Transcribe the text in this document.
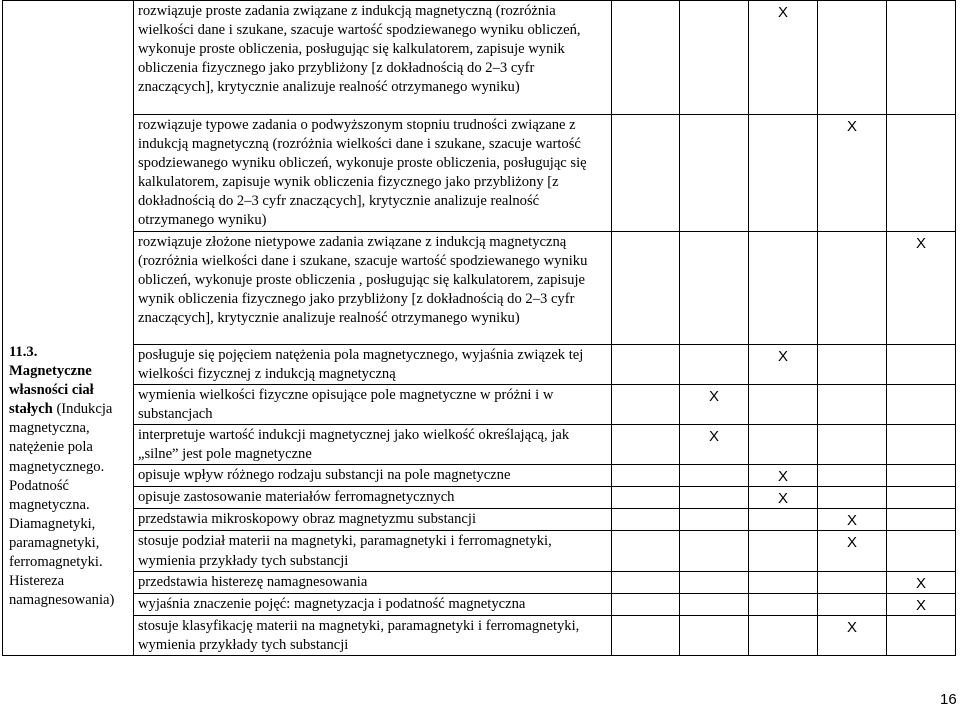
11.3.
Magnetyczne własności ciał stałych (Indukcja magnetyczna, natężenie pola magnetycznego. Podatność magnetyczna. Diamagnetyki, paramagnetyki, ferromagnetyki. Histereza namagnesowania)	rozwiązuje proste zadania związane z indukcją magnetyczną (rozróżnia wielkości dane i szukane, szacuje wartość spodziewanego wyniku obliczeń, wykonuje proste obliczenia, posługując się kalkulatorem, zapisuje wynik obliczenia fizycznego jako przybliżony [z dokładnością do 2–3 cyfr znaczących], krytycznie analizuje realność otrzymanego wyniku)			X		
	rozwiązuje typowe zadania o podwyższonym stopniu trudności związane z indukcją magnetyczną (rozróżnia wielkości dane i szukane, szacuje wartość spodziewanego wyniku obliczeń, wykonuje proste obliczenia, posługując się kalkulatorem, zapisuje wynik obliczenia fizycznego jako przybliżony [z dokładnością do 2–3 cyfr znaczących], krytycznie analizuje realność otrzymanego wyniku)				X	
	rozwiązuje złożone nietypowe zadania związane z indukcją magnetyczną (rozróżnia wielkości dane i szukane, szacuje wartość spodziewanego wyniku obliczeń, wykonuje proste obliczenia , posługując się kalkulatorem, zapisuje wynik obliczenia fizycznego jako przybliżony [z dokładnością do 2–3 cyfr znaczących], krytycznie analizuje realność otrzymanego wyniku)					X
	posługuje się pojęciem natężenia pola magnetycznego, wyjaśnia związek tej wielkości fizycznej z indukcją magnetyczną			X		
	wymienia wielkości fizyczne opisujące pole magnetyczne w próżni i w substancjach		X			
	interpretuje wartość indukcji magnetycznej jako wielkość określającą, jak „silne” jest pole magnetyczne		X			
	opisuje wpływ różnego rodzaju substancji na pole magnetyczne			X		
	opisuje zastosowanie materiałów ferromagnetycznych			X		
	przedstawia mikroskopowy obraz magnetyzmu substancji				X	
	stosuje podział materii na magnetyki, paramagnetyki i ferromagnetyki, wymienia przykłady tych substancji				X	
	przedstawia histerezę namagnesowania					X
	wyjaśnia znaczenie pojęć: magnetyzacja i podatność magnetyczna					X
	stosuje klasyfikację materii na magnetyki, paramagnetyki i ferromagnetyki, wymienia przykłady tych substancji				X	
16
